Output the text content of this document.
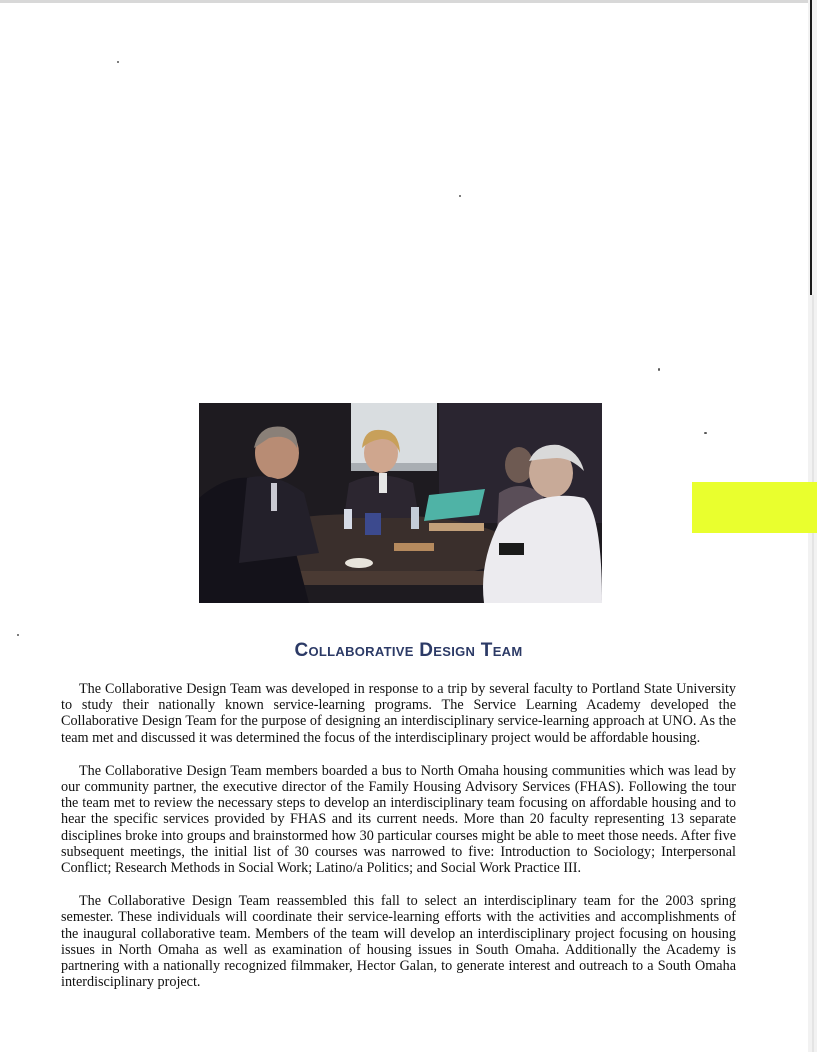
Collaborative Design Team

The Collaborative Design Team was developed in response to a trip by several faculty to Portland State University to study their nationally known service-learning programs. The Service Learning Academy developed the Collaborative Design Team for the purpose of designing an interdisciplinary service-learning approach at UNO. As the team met and discussed it was determined the focus of the interdisciplinary project would be affordable housing.

The Collaborative Design Team members boarded a bus to North Omaha housing communities which was lead by our community partner, the executive director of the Family Housing Advisory Services (FHAS). Following the tour the team met to review the necessary steps to develop an interdisciplinary team focusing on affordable housing and to hear the specific services provided by FHAS and its current needs. More than 20 faculty representing 13 separate disciplines broke into groups and brainstormed how 30 particular courses might be able to meet those needs. After five subsequent meetings, the initial list of 30 courses was narrowed to five: Introduction to Sociology; Interpersonal Conflict; Research Methods in Social Work; Latino/a Politics; and Social Work Practice III.

The Collaborative Design Team reassembled this fall to select an interdisciplinary team for the 2003 spring semester. These individuals will coordinate their service-learning efforts with the activities and accomplishments of the inaugural collaborative team. Members of the team will develop an interdisciplinary project focusing on housing issues in North Omaha as well as examination of housing issues in South Omaha. Additionally the Academy is partnering with a nationally recognized filmmaker, Hector Galan, to generate interest and outreach to a South Omaha interdisciplinary project.
